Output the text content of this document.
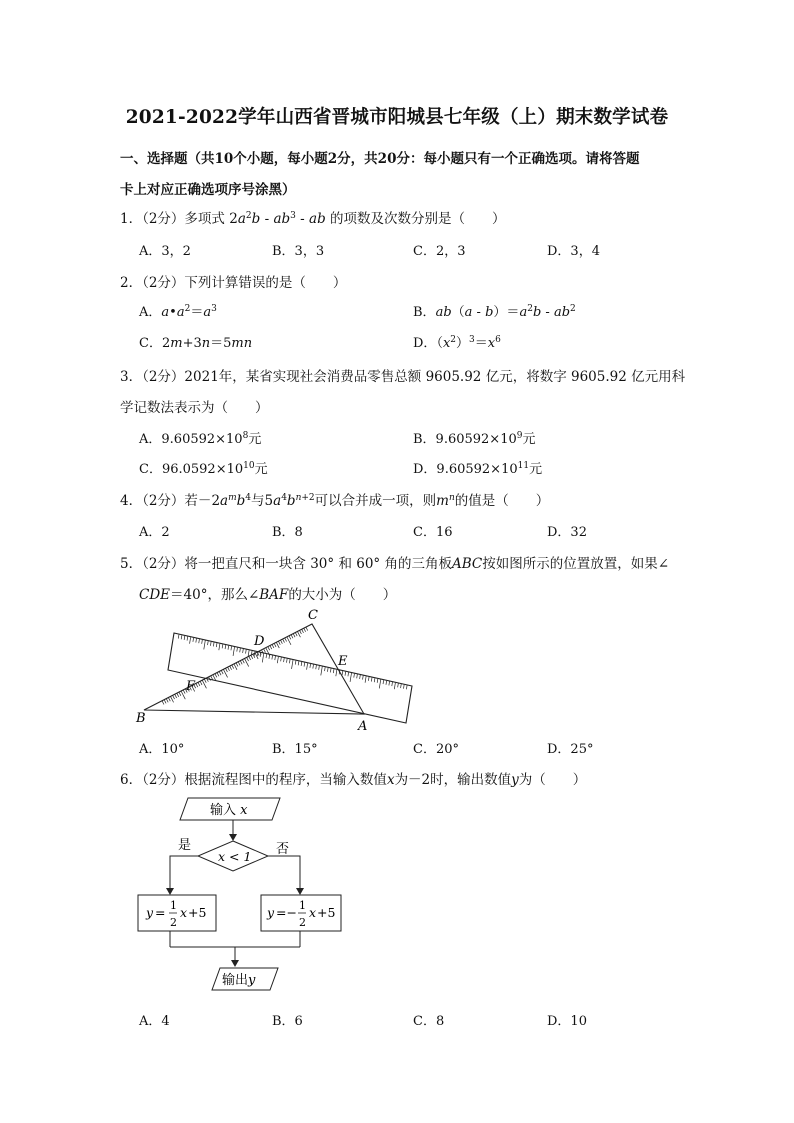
2021-2022学年山西省晋城市阳城县七年级（上）期末数学试卷
一、选择题（共10个小题，每小题2分，共20分：每小题只有一个正确选项。请将答题
卡上对应正确选项序号涂黑）
1．（2分）多项式 $2a^2b - ab^3$ - ab 的项数及次数分别是（　　）
A．3，2	B．3，3	C．2，3	D．3，4
2．（2分）下列计算错误的是（　　）
A．$a•a^2=a^3$	B．$ab(a - b)=a^2b - ab^2$
C．2m+3n＝5mn	D．$(x^2)^3=x^6$
3．（2分）2021年，某省实现社会消费品零售总额 9605.92 亿元，将数字 9605.92 亿元用科
学记数法表示为（　　）
A．$9.60592\times 10^8$元	B．$9.60592\times 10^9$元
C．$96.0592\times 10^{10}$元	D．$9.60592\times 10^{11}$元
4．（2分）若$-2a^mb^4$与$5a^4b^{n+2}$可以合并成一项，则$m^n$的值是（　　）
A．2	B．8	C．16	D．32
5．（2分）将一把直尺和一块含 30° 和 60° 角的三角板ABC按如图所示的位置放置，如果∠
CDE＝40°，那么∠BAF的大小为（　　）
C
D
E
F
B
A
A．10°	B．15°	C．20°	D．25°
6．（2分）根据流程图中的程序，当输入数值x为－2时，输出数值y为（　　）
输入 x
x < 1
是	否
y = 1
2
x +5	y =− 1
2
x +5
输出y
A．4	B．6	C．8	D．10
